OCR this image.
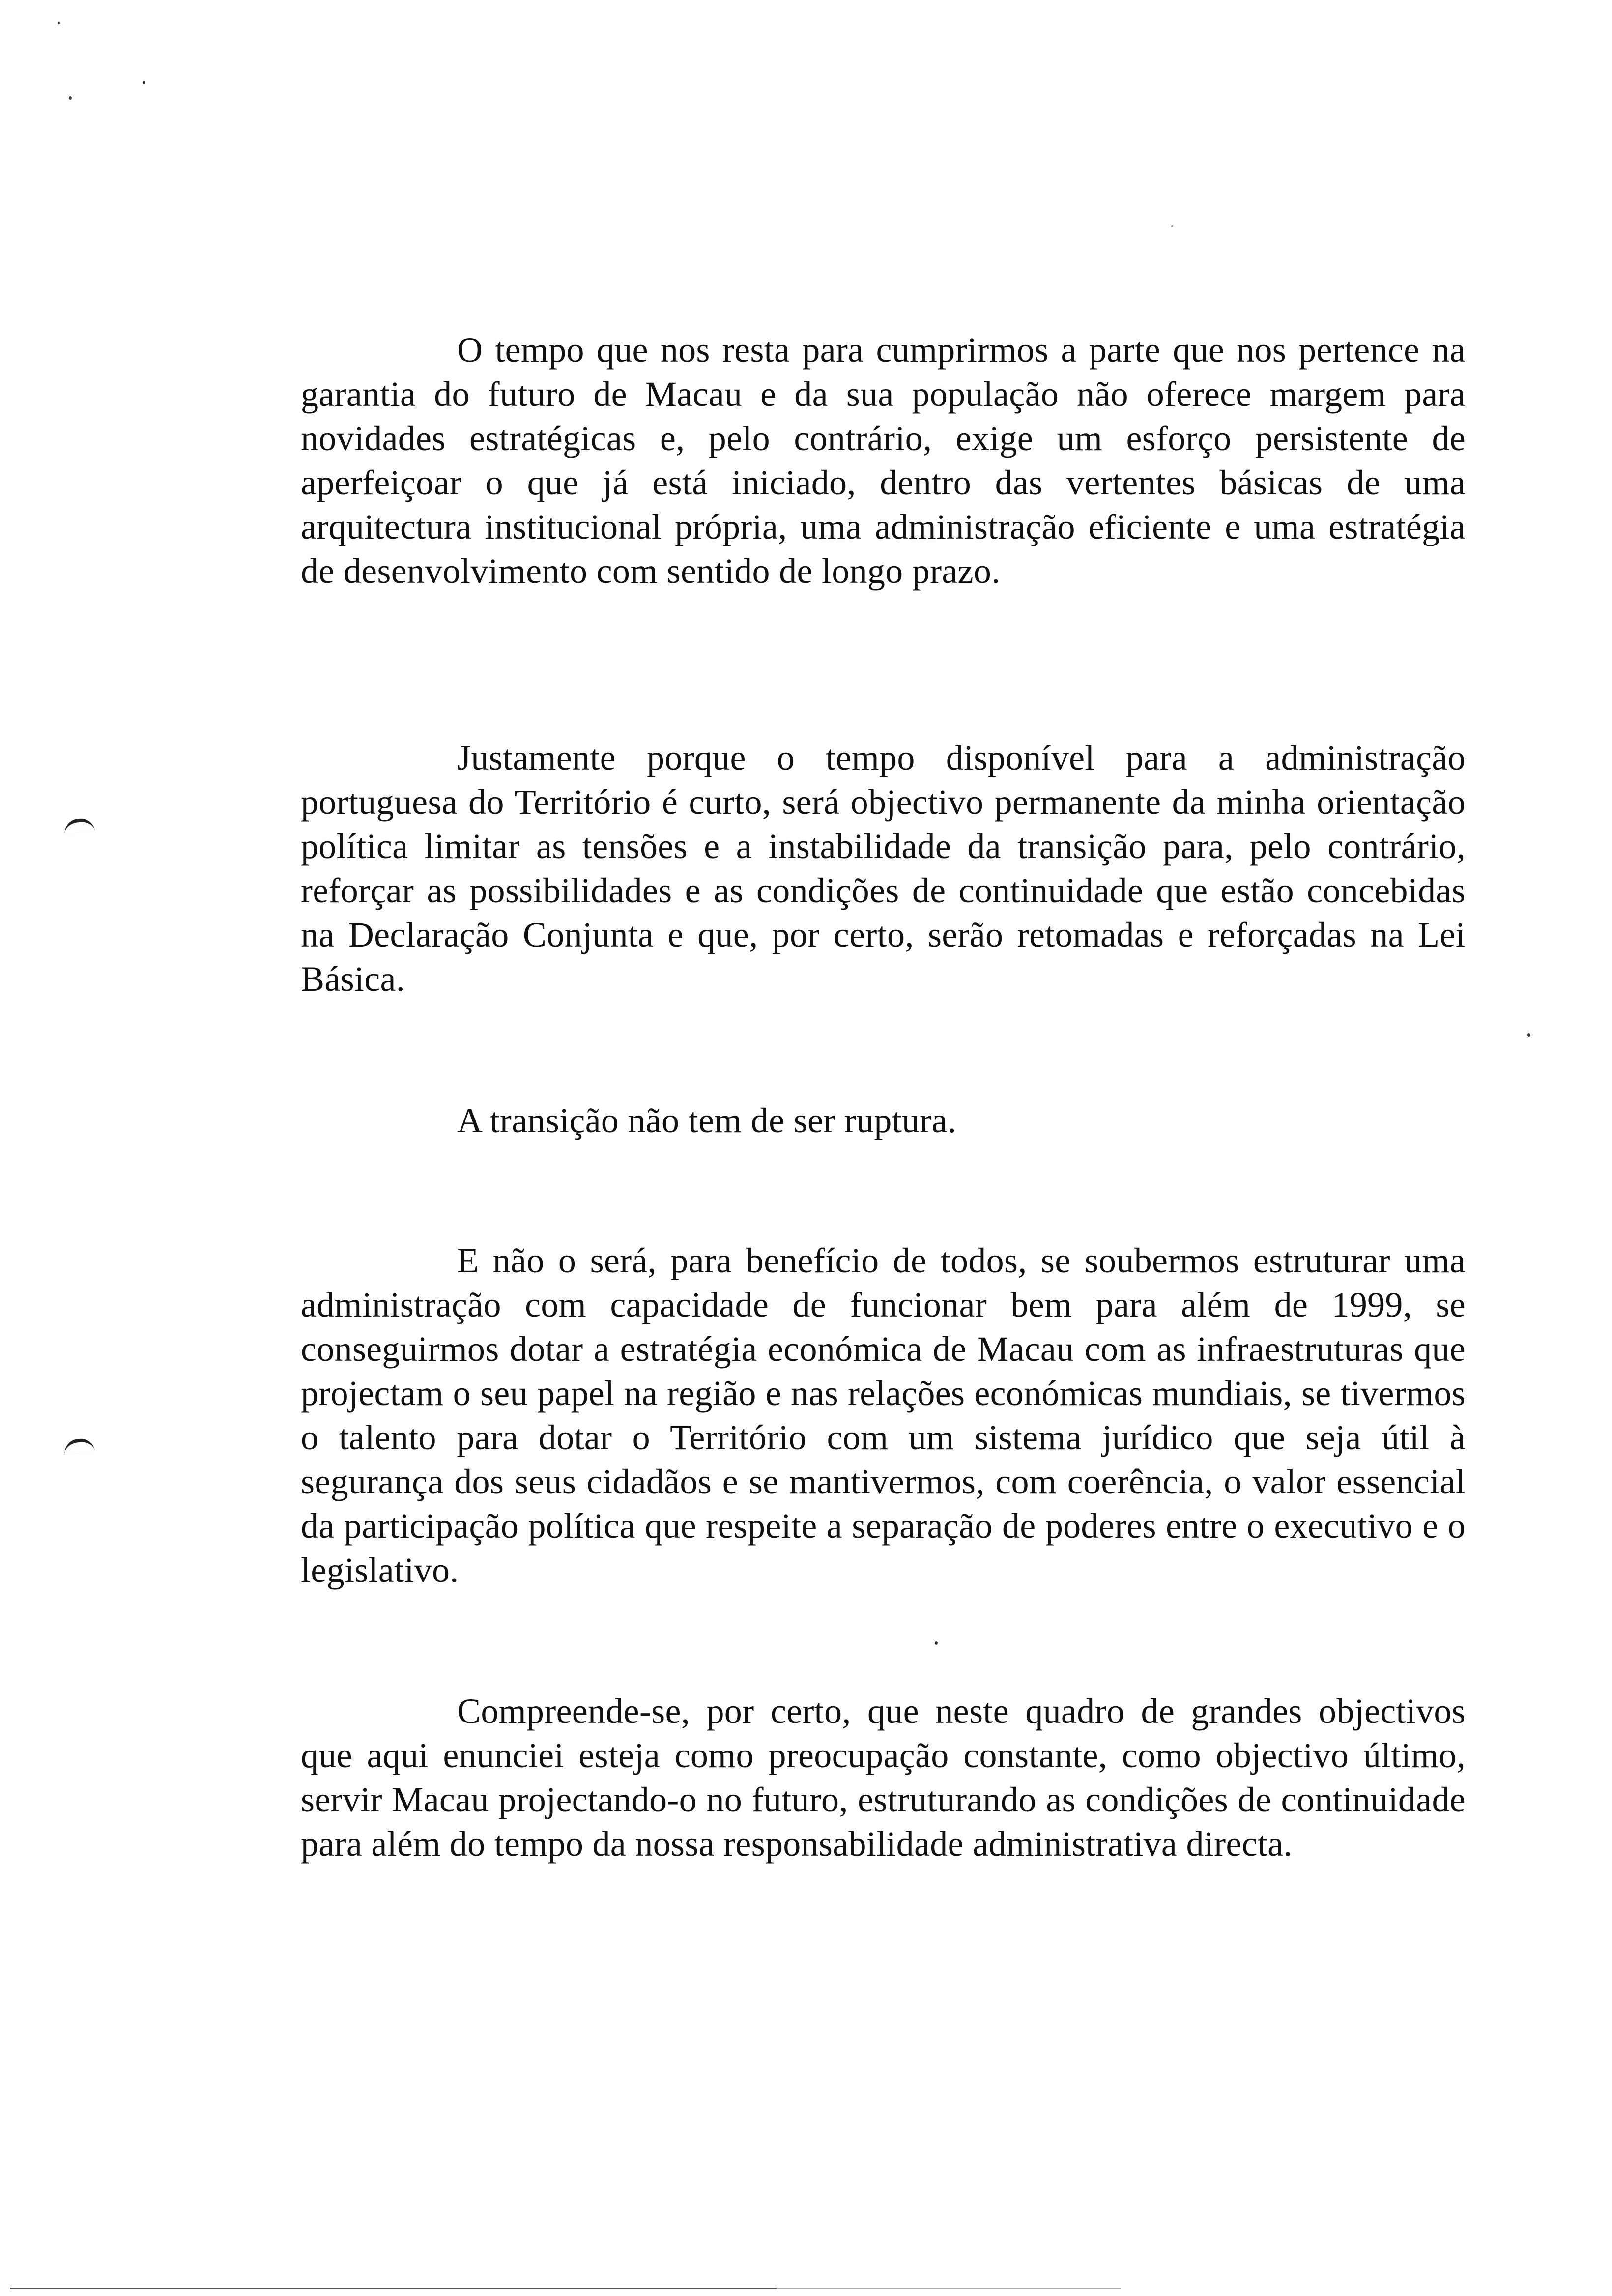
O tempo que nos resta para cumprirmos a parte que nos pertence na garantia do futuro de Macau e da sua população não oferece margem para novidades estratégicas e, pelo contrário, exige um esforço persistente de aperfeiçoar o que já está iniciado, dentro das vertentes básicas de uma arquitectura institucional própria, uma administração eficiente e uma estratégia de desenvolvimento com sentido de longo prazo.

Justamente porque o tempo disponível para a administração portuguesa do Território é curto, será objectivo permanente da minha orientação política limitar as tensões e a instabilidade da transição para, pelo contrário, reforçar as possibilidades e as condições de continuidade que estão concebidas na Declaração Conjunta e que, por certo, serão retomadas e reforçadas na Lei Básica.

A transição não tem de ser ruptura.

E não o será, para benefício de todos, se soubermos estruturar uma administração com capacidade de funcionar bem para além de 1999, se conseguirmos dotar a estratégia económica de Macau com as infraestruturas que projectam o seu papel na região e nas relações económicas mundiais, se tivermos o talento para dotar o Território com um sistema jurídico que seja útil à segurança dos seus cidadãos e se mantivermos, com coerência, o valor essencial da participação política que respeite a separação de poderes entre o executivo e o legislativo.

Compreende-se, por certo, que neste quadro de grandes objectivos que aqui enunciei esteja como preocupação constante, como objectivo último, servir Macau projectando-o no futuro, estruturando as condições de continuidade para além do tempo da nossa responsabilidade administrativa directa.
